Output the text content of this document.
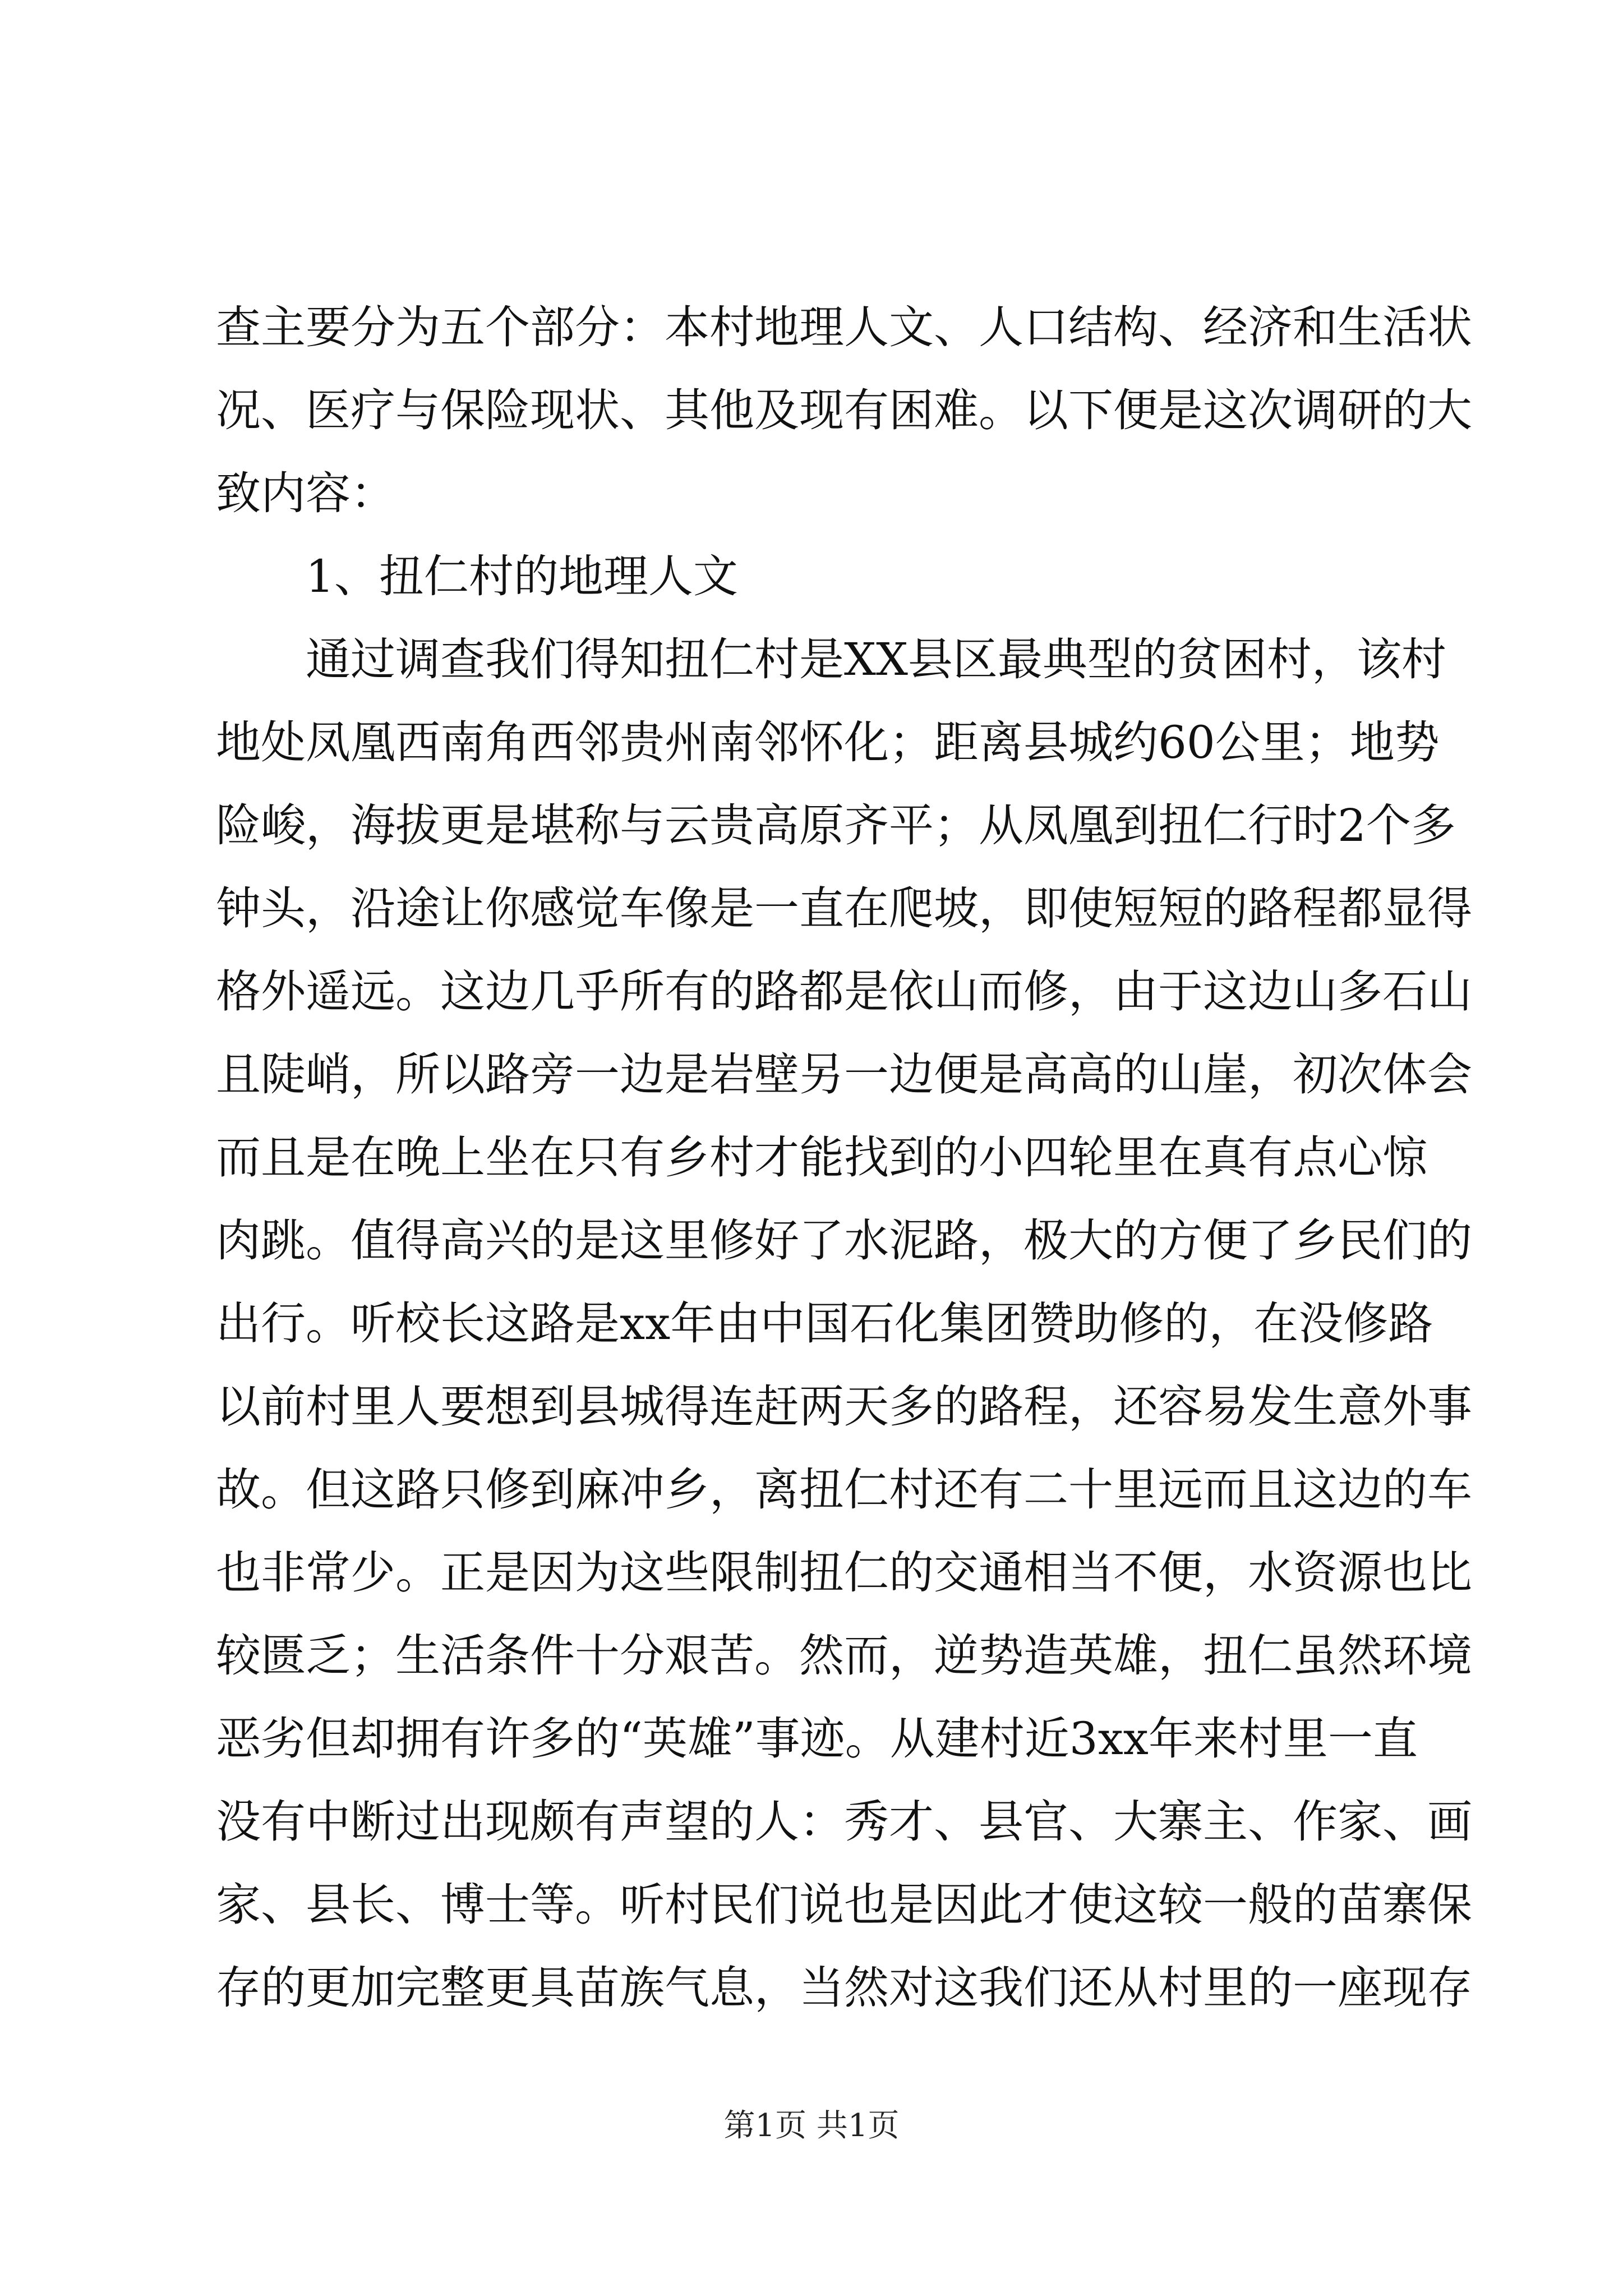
查主要分为五个部分：本村地理人文、人口结构、经济和生活状
况、医疗与保险现状、其他及现有困难。以下便是这次调研的大
致内容：
1、扭仁村的地理人文
通过调查我们得知扭仁村是XX县区最典型的贫困村，该村
地处凤凰西南角西邻贵州南邻怀化；距离县城约60公里；地势
险峻，海拔更是堪称与云贵高原齐平；从凤凰到扭仁行时2个多
钟头，沿途让你感觉车像是一直在爬坡，即使短短的路程都显得
格外遥远。这边几乎所有的路都是依山而修，由于这边山多石山
且陡峭，所以路旁一边是岩壁另一边便是高高的山崖，初次体会
而且是在晚上坐在只有乡村才能找到的小四轮里在真有点心惊
肉跳。值得高兴的是这里修好了水泥路，极大的方便了乡民们的
出行。听校长这路是xx年由中国石化集团赞助修的，在没修路
以前村里人要想到县城得连赶两天多的路程，还容易发生意外事
故。但这路只修到麻冲乡，离扭仁村还有二十里远而且这边的车
也非常少。正是因为这些限制扭仁的交通相当不便，水资源也比
较匮乏；生活条件十分艰苦。然而，逆势造英雄，扭仁虽然环境
恶劣但却拥有许多的“英雄”事迹。从建村近3xx年来村里一直
没有中断过出现颇有声望的人：秀才、县官、大寨主、作家、画
家、县长、博士等。听村民们说也是因此才使这较一般的苗寨保
存的更加完整更具苗族气息，当然对这我们还从村里的一座现存
第1页 共1页
